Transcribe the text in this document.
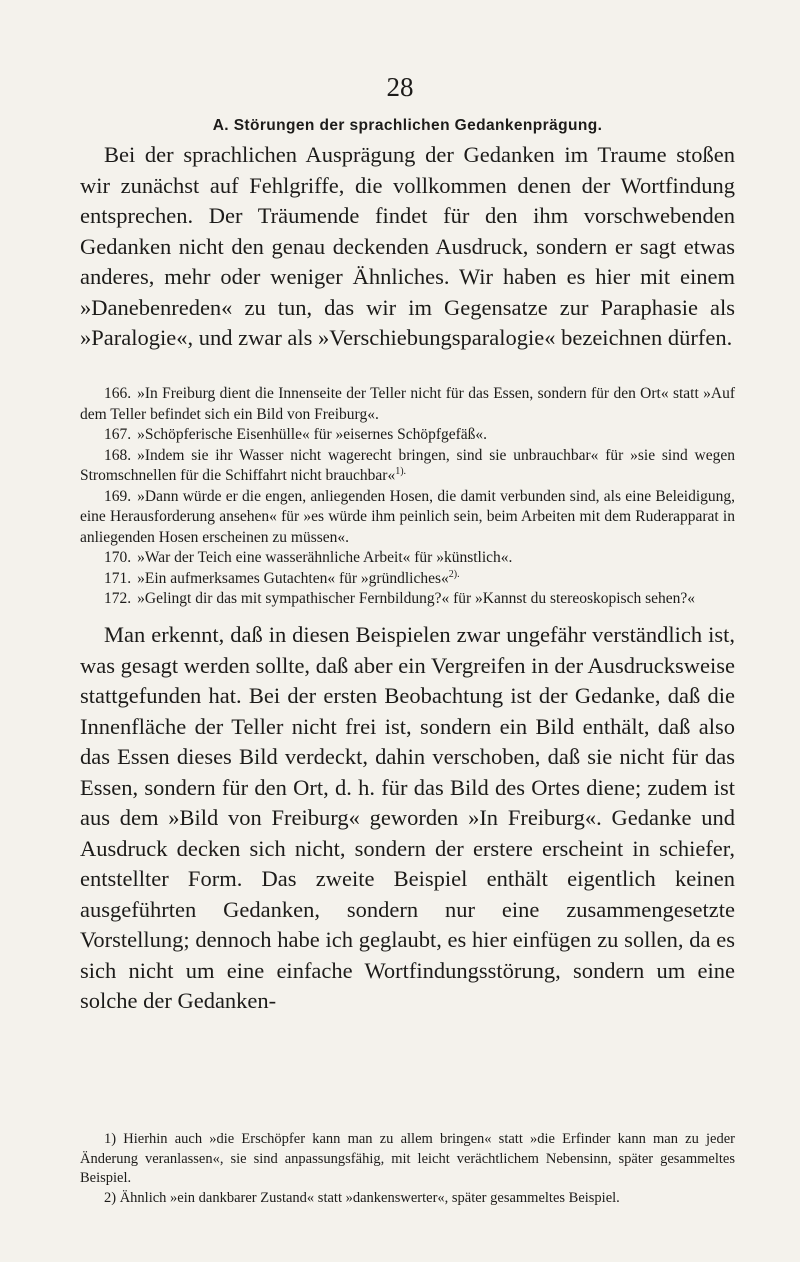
28
A. Störungen der sprachlichen Gedankenprägung.

Bei der sprachlichen Ausprägung der Gedanken im Traume stoßen wir zunächst auf Fehlgriffe, die vollkommen denen der Wortfindung entsprechen. Der Träumende findet für den ihm vorschwebenden Gedanken nicht den genau deckenden Ausdruck, sondern er sagt etwas anderes, mehr oder weniger Ähnliches. Wir haben es hier mit einem »Danebenreden« zu tun, das wir im Gegensatze zur Paraphasie als »Paralogie«, und zwar als »Verschiebungsparalogie« bezeichnen dürfen.

166. »In Freiburg dient die Innenseite der Teller nicht für das Essen, sondern für den Ort« statt »Auf dem Teller befindet sich ein Bild von Freiburg«.

167. »Schöpferische Eisenhülle« für »eisernes Schöpfgefäß«.

168. »Indem sie ihr Wasser nicht wagerecht bringen, sind sie unbrauchbar« für »sie sind wegen Stromschnellen für die Schiffahrt nicht brauchbar«$^{1).}$

169. »Dann würde er die engen, anliegenden Hosen, die damit verbunden sind, als eine Beleidigung, eine Herausforderung ansehen« für »es würde ihm peinlich sein, beim Arbeiten mit dem Ruderapparat in anliegenden Hosen erscheinen zu müssen«.

170. »War der Teich eine wasserähnliche Arbeit« für »künstlich«.

171. »Ein aufmerksames Gutachten« für »gründliches«$^{2).}$

172. »Gelingt dir das mit sympathischer Fernbildung?« für »Kannst du stereoskopisch sehen?«

Man erkennt, daß in diesen Beispielen zwar ungefähr verständlich ist, was gesagt werden sollte, daß aber ein Vergreifen in der Ausdrucksweise stattgefunden hat. Bei der ersten Beobachtung ist der Gedanke, daß die Innenfläche der Teller nicht frei ist, sondern ein Bild enthält, daß also das Essen dieses Bild verdeckt, dahin verschoben, daß sie nicht für das Essen, sondern für den Ort, d. h. für das Bild des Ortes diene; zudem ist aus dem »Bild von Freiburg« geworden »In Freiburg«. Gedanke und Ausdruck decken sich nicht, sondern der erstere erscheint in schiefer, entstellter Form. Das zweite Beispiel enthält eigentlich keinen ausgeführten Gedanken, sondern nur eine zusammengesetzte Vorstellung; dennoch habe ich geglaubt, es hier einfügen zu sollen, da es sich nicht um eine einfache Wortfindungsstörung, sondern um eine solche der Gedanken-

1) Hierhin auch »die Erschöpfer kann man zu allem bringen« statt »die Erfinder kann man zu jeder Änderung veranlassen«, sie sind anpassungsfähig, mit leicht verächtlichem Nebensinn, später gesammeltes Beispiel.

2) Ähnlich »ein dankbarer Zustand« statt »dankenswerter«, später gesammeltes Beispiel.
